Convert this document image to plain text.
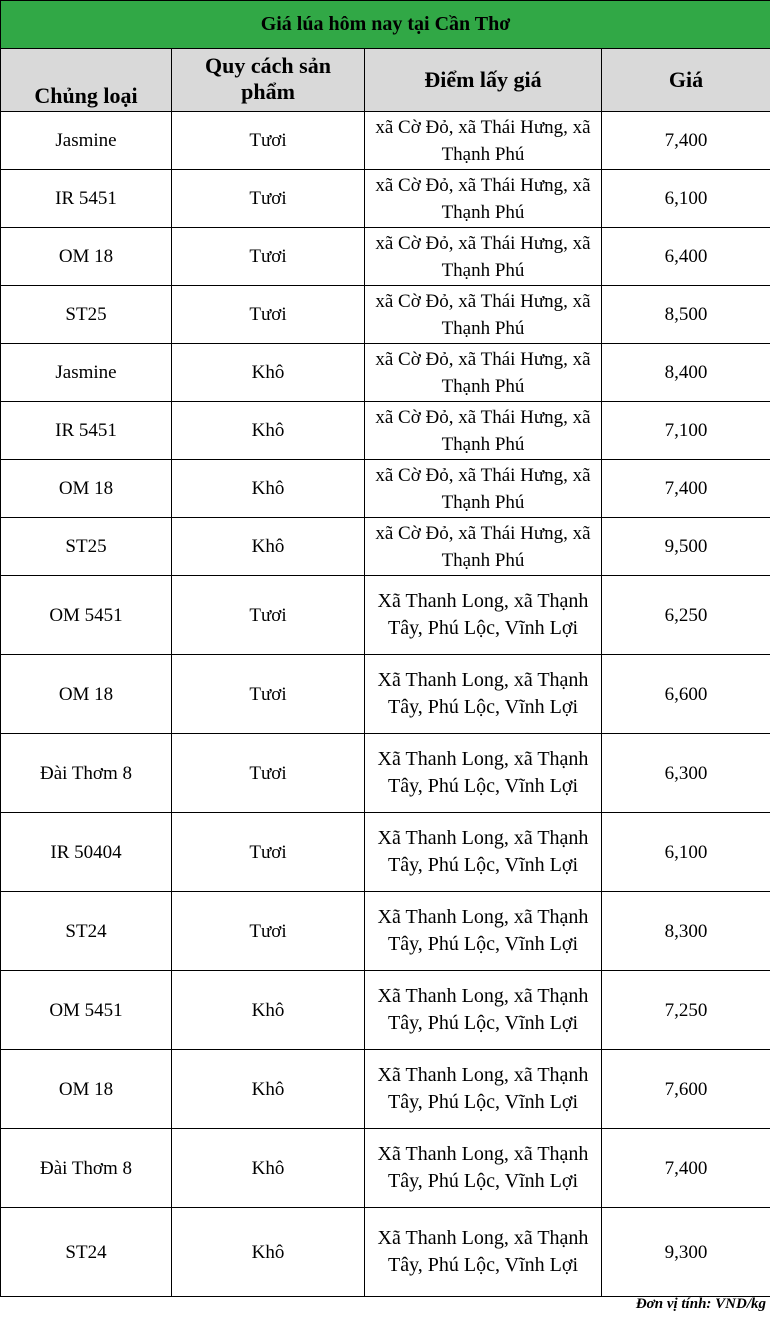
Giá lúa hôm nay tại Cần Thơ			
Chủng loại	Quy cách sản phẩm	Điểm lấy giá	Giá
Jasmine	Tươi	xã Cờ Đỏ, xã Thái Hưng, xã Thạnh Phú	7,400
IR 5451	Tươi	xã Cờ Đỏ, xã Thái Hưng, xã Thạnh Phú	6,100
OM 18	Tươi	xã Cờ Đỏ, xã Thái Hưng, xã Thạnh Phú	6,400
ST25	Tươi	xã Cờ Đỏ, xã Thái Hưng, xã Thạnh Phú	8,500
Jasmine	Khô	xã Cờ Đỏ, xã Thái Hưng, xã Thạnh Phú	8,400
IR 5451	Khô	xã Cờ Đỏ, xã Thái Hưng, xã Thạnh Phú	7,100
OM 18	Khô	xã Cờ Đỏ, xã Thái Hưng, xã Thạnh Phú	7,400
ST25	Khô	xã Cờ Đỏ, xã Thái Hưng, xã Thạnh Phú	9,500
OM 5451	Tươi	Xã Thanh Long, xã Thạnh Tây, Phú Lộc, Vĩnh Lợi	6,250
OM 18	Tươi	Xã Thanh Long, xã Thạnh Tây, Phú Lộc, Vĩnh Lợi	6,600
Đài Thơm 8	Tươi	Xã Thanh Long, xã Thạnh Tây, Phú Lộc, Vĩnh Lợi	6,300
IR 50404	Tươi	Xã Thanh Long, xã Thạnh Tây, Phú Lộc, Vĩnh Lợi	6,100
ST24	Tươi	Xã Thanh Long, xã Thạnh Tây, Phú Lộc, Vĩnh Lợi	8,300
OM 5451	Khô	Xã Thanh Long, xã Thạnh Tây, Phú Lộc, Vĩnh Lợi	7,250
OM 18	Khô	Xã Thanh Long, xã Thạnh Tây, Phú Lộc, Vĩnh Lợi	7,600
Đài Thơm 8	Khô	Xã Thanh Long, xã Thạnh Tây, Phú Lộc, Vĩnh Lợi	7,400
ST24	Khô	Xã Thanh Long, xã Thạnh Tây, Phú Lộc, Vĩnh Lợi	9,300
Đơn vị tính: VND/kg
